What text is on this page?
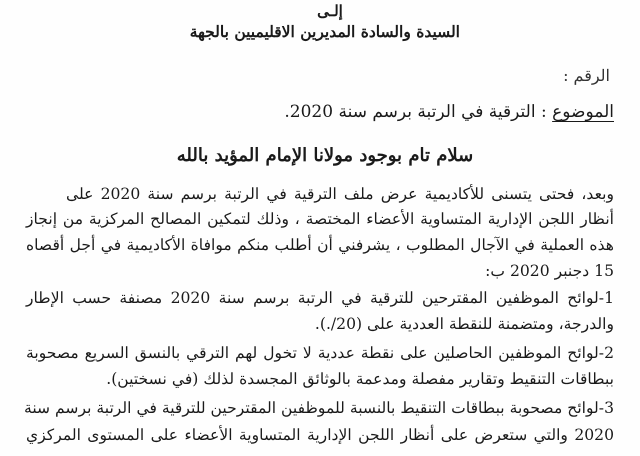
إلـى
السيدة والسادة المديرين الاقليميين بالجهة
الرقم :
الموضوع : الترقية في الرتبة برسم سنة 2020.
سلام تام بوجود مولانا الإمام المؤيد بالله
وبعد، فحتى يتسنى للأكاديمية عرض ملف الترقية في الرتبة برسم سنة 2020 على
أنظار اللجن الإدارية المتساوية الأعضاء المختصة ، وذلك لتمكين المصالح المركزية من إنجاز
هذه العملية في الآجال المطلوب ، يشرفني أن أطلب منكم موافاة الأكاديمية في أجل أقصاه
15 دجنبر 2020 ب:
1-لوائح الموظفين المقترحين للترقية في الرتبة برسم سنة 2020 مصنفة حسب الإطار
والدرجة، ومتضمنة للنقطة العددية على (20/.).
2-لوائح الموظفين الحاصلين على نقطة عددية لا تخول لهم الترقي بالنسق السريع مصحوبة
ببطاقات التنقيط وتقارير مفصلة ومدعمة بالوثائق المجسدة لذلك (في نسختين).
3-لوائح مصحوبة ببطاقات التنقيط بالنسبة للموظفين المقترحين للترقية في الرتبة برسم سنة
2020 والتي ستعرض على أنظار اللجن الإدارية المتساوية الأعضاء على المستوى المركزي
